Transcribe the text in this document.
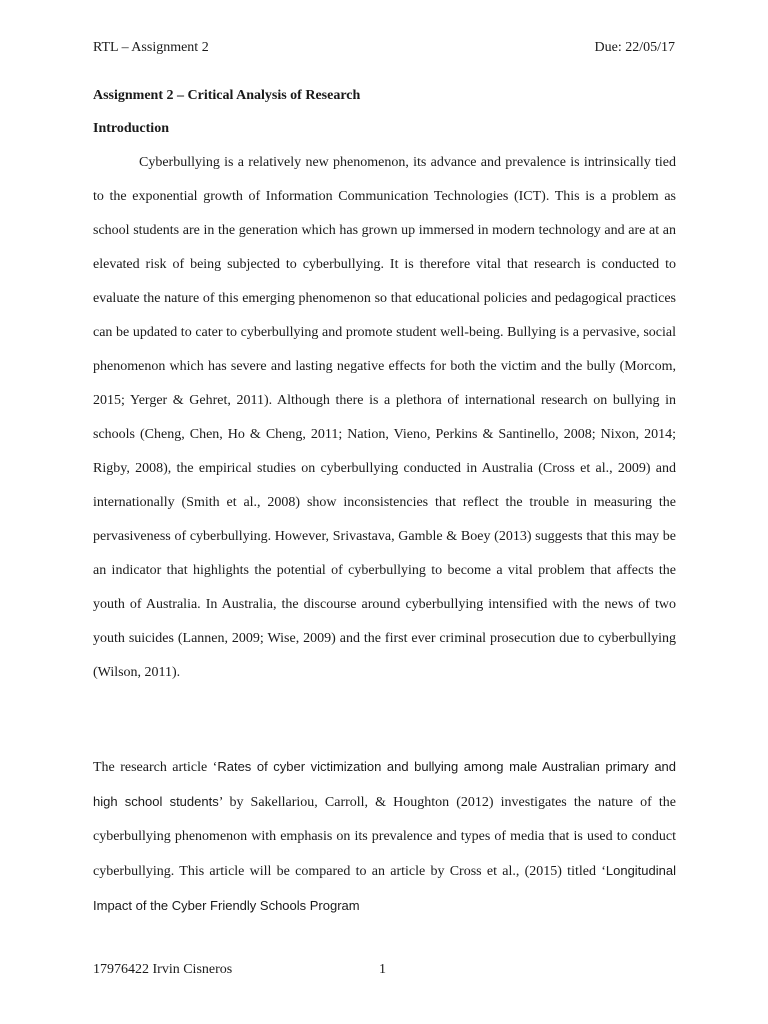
RTL – Assignment 2	Due: 22/05/17
Assignment 2 – Critical Analysis of Research
Introduction

Cyberbullying is a relatively new phenomenon, its advance and prevalence is intrinsically tied to the exponential growth of Information Communication Technologies (ICT). This is a problem as school students are in the generation which has grown up immersed in modern technology and are at an elevated risk of being subjected to cyberbullying. It is therefore vital that research is conducted to evaluate the nature of this emerging phenomenon so that educational policies and pedagogical practices can be updated to cater to cyberbullying and promote student well-being. Bullying is a pervasive, social phenomenon which has severe and lasting negative effects for both the victim and the bully (Morcom, 2015; Yerger & Gehret, 2011). Although there is a plethora of international research on bullying in schools (Cheng, Chen, Ho & Cheng, 2011; Nation, Vieno, Perkins & Santinello, 2008; Nixon, 2014; Rigby, 2008), the empirical studies on cyberbullying conducted in Australia (Cross et al., 2009) and internationally (Smith et al., 2008) show inconsistencies that reflect the trouble in measuring the pervasiveness of cyberbullying. However, Srivastava, Gamble & Boey (2013) suggests that this may be an indicator that highlights the potential of cyberbullying to become a vital problem that affects the youth of Australia. In Australia, the discourse around cyberbullying intensified with the news of two youth suicides (Lannen, 2009; Wise, 2009) and the first ever criminal prosecution due to cyberbullying (Wilson, 2011).

The research article ‘Rates of cyber victimization and bullying among male Australian primary and high school students’ by Sakellariou, Carroll, & Houghton (2012) investigates the nature of the cyberbullying phenomenon with emphasis on its prevalence and types of media that is used to conduct cyberbullying. This article will be compared to an article by Cross et al., (2015) titled ‘Longitudinal Impact of the Cyber Friendly Schools Program

17976422 Irvin Cisneros	1
